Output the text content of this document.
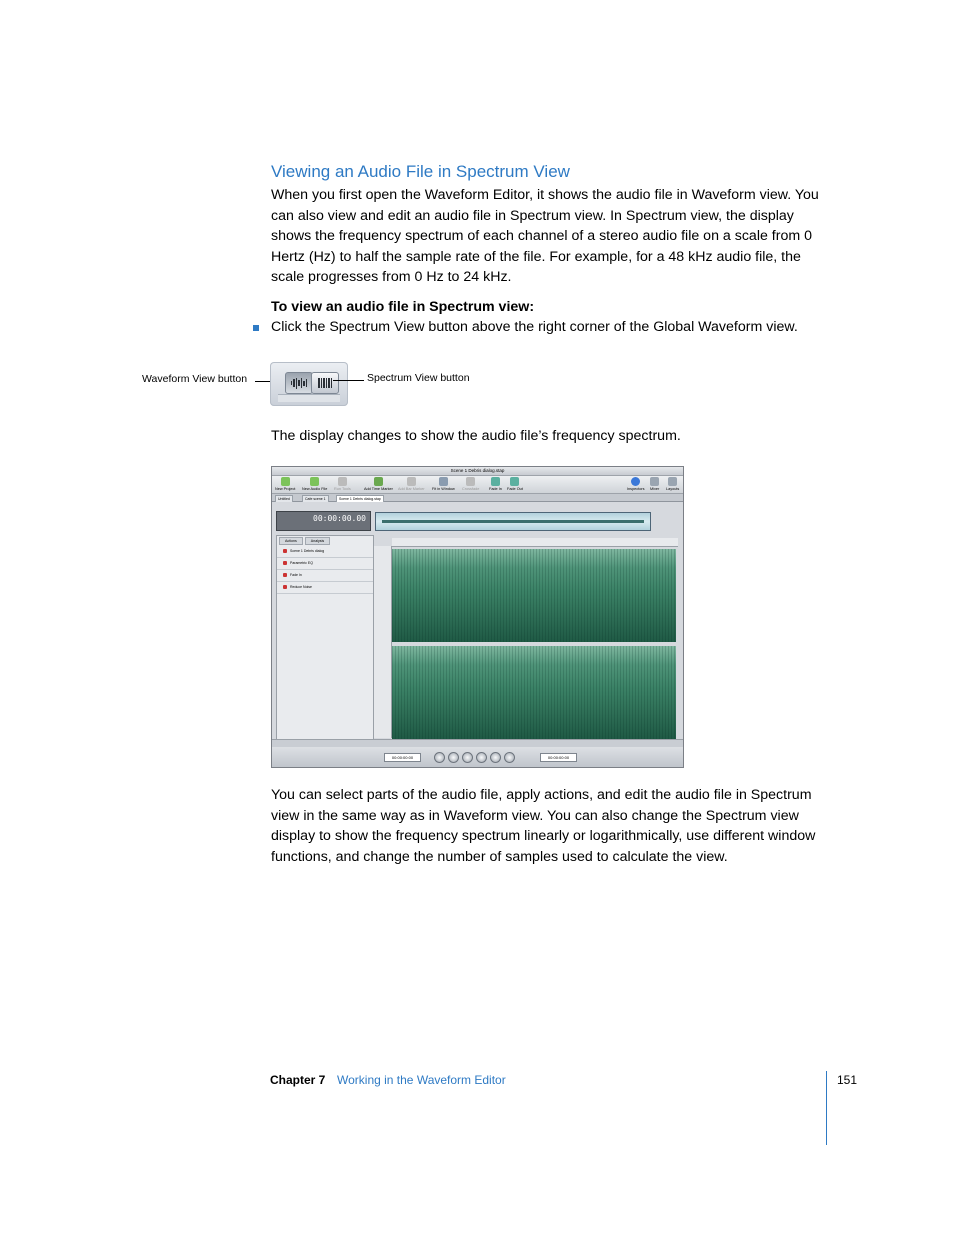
Viewing an Audio File in Spectrum View

When you first open the Waveform Editor, it shows the audio file in Waveform view. You can also view and edit an audio file in Spectrum view. In Spectrum view, the display shows the frequency spectrum of each channel of a stereo audio file on a scale from 0 Hertz (Hz) to half the sample rate of the file. For example, for a 48 kHz audio file, the scale progresses from 0 Hz to 24 kHz.

To view an audio file in Spectrum view:
Click the Spectrum View button above the right corner of the Global Waveform view.
Waveform View button	Spectrum View button

The display changes to show the audio file’s frequency spectrum.

Scene 1 Debris dialog.stap
New Project New Audio File Run Tools	Add Time Marker Add Bar Marker Fit in Window Crossfade	Fade In Fade Out	Inspectors Mixer Layouts
Untitled	Cafe scene 1	Scene 1 Debris dialog.stap
00:00:00.00
Actions	Analysis
Scene 1 Debris dialog
Parametric EQ
Fade In
Reduce Noise
00:00:00:00	00:00:00:00

You can select parts of the audio file, apply actions, and edit the audio file in Spectrum view in the same way as in Waveform view. You can also change the Spectrum view display to show the frequency spectrum linearly or logarithmically, use different window functions, and change the number of samples used to calculate the view.

Chapter 7 Working in the Waveform Editor	151
